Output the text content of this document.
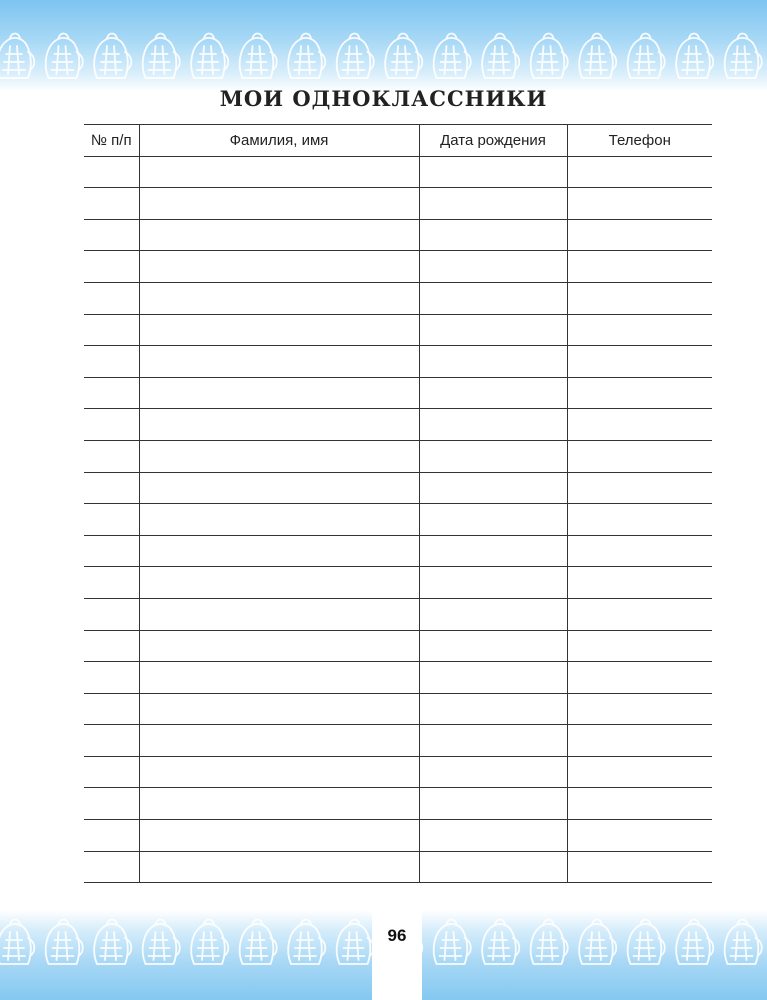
МОИ ОДНОКЛАССНИКИ
№ п/п	Фамилия, имя	Дата рождения	Телефон

96
